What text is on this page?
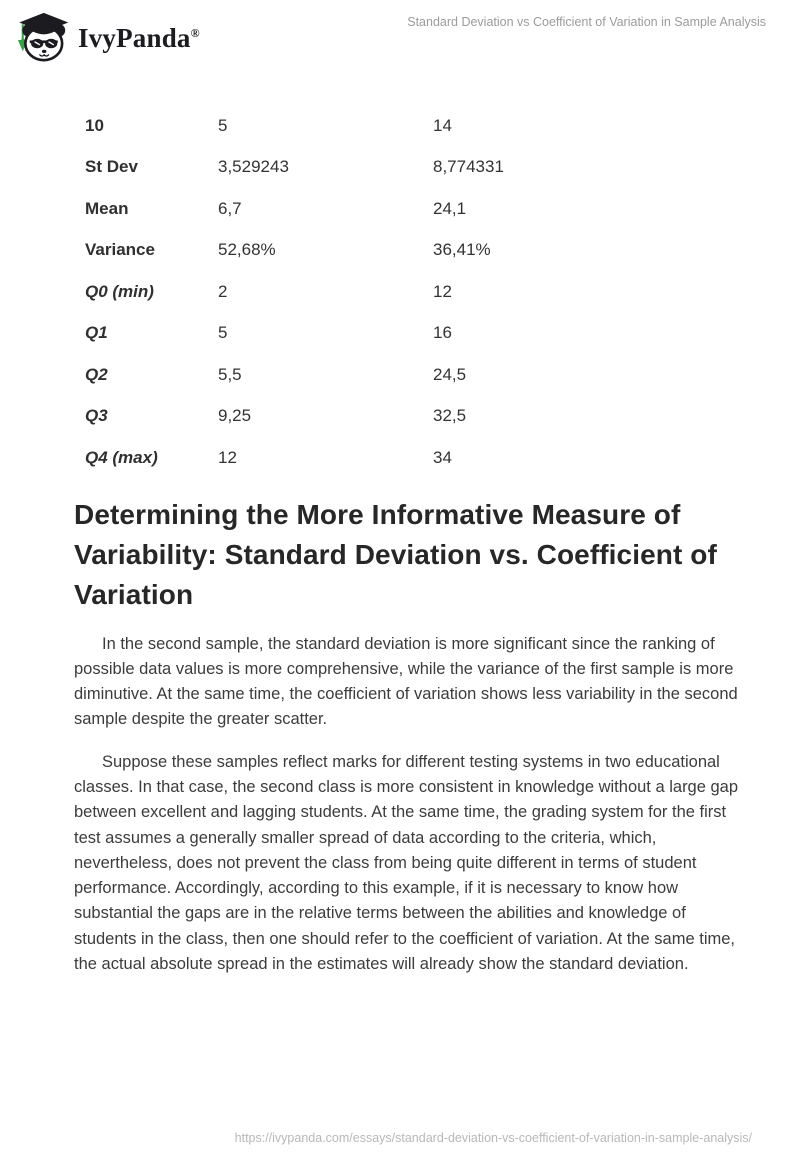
IvyPanda®
Standard Deviation vs Coefficient of Variation in Sample Analysis
10	5	14
St Dev	3,529243	8,774331
Mean	6,7	24,1
Variance	52,68%	36,41%
Q0 (min)	2	12
Q1	5	16
Q2	5,5	24,5
Q3	9,25	32,5
Q4 (max)	12	34
Determining the More Informative Measure of Variability: Standard Deviation vs. Coefficient of Variation

In the second sample, the standard deviation is more significant since the ranking of possible data values is more comprehensive, while the variance of the first sample is more diminutive. At the same time, the coefficient of variation shows less variability in the second sample despite the greater scatter.

Suppose these samples reflect marks for different testing systems in two educational classes. In that case, the second class is more consistent in knowledge without a large gap between excellent and lagging students. At the same time, the grading system for the first test assumes a generally smaller spread of data according to the criteria, which, nevertheless, does not prevent the class from being quite different in terms of student performance. Accordingly, according to this example, if it is necessary to know how substantial the gaps are in the relative terms between the abilities and knowledge of students in the class, then one should refer to the coefficient of variation. At the same time, the actual absolute spread in the estimates will already show the standard deviation.

https://ivypanda.com/essays/standard-deviation-vs-coefficient-of-variation-in-sample-analysis/
